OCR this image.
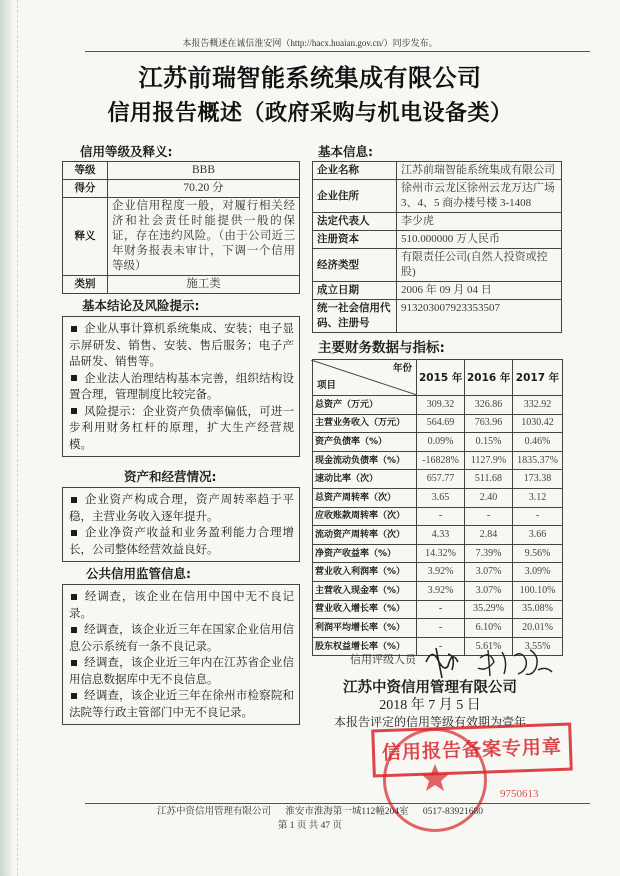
本报告概述在诚信淮安网（http://hacx.huaian.gov.cn/）同步发布。
江苏前瑞智能系统集成有限公司
信用报告概述（政府采购与机电设备类）
信用等级及释义:
等级	BBB
得分	70.20 分
释义	企业信用程度一般，对履行相关经济和社会责任时能提供一般的保证，存在违约风险。（由于公司近三年财务报表未审计，下调一个信用等级）
类别	施工类
基本结论及风险提示:
企业从事计算机系统集成、安装；电子显示屏研发、销售、安装、售后服务；电子产品研发、销售等。
企业法人治理结构基本完善，组织结构设置合理，管理制度比较完备。
风险提示：企业资产负债率偏低，可进一步利用财务杠杆的原理，扩大生产经营规模。
资产和经营情况:
企业资产构成合理，资产周转率趋于平稳，主营业务收入逐年提升。
企业净资产收益和业务盈利能力合理增长，公司整体经营效益良好。
公共信用监管信息:
经调查，该企业在信用中国中无不良记录。
经调查，该企业近三年在国家企业信用信息公示系统有一条不良记录。
经调查，该企业近三年内在江苏省企业信用信息数据库中无不良信息。
经调查，该企业近三年在徐州市检察院和法院等行政主管部门中无不良记录。
基本信息:
企业名称	江苏前瑞智能系统集成有限公司
企业住所	徐州市云龙区徐州云龙万达广场3、4、5 商办楼号楼 3-1408
法定代表人	李少虎
注册资本	510.000000 万人民币
经济类型	有限责任公司(自然人投资或控股)
成立日期	2006 年 09 月 04 日
统一社会信用代码、注册号	913203007923353507
主要财务数据与指标:
年份
项目	2015 年	2016 年	2017 年
总资产（万元）	309.32	326.86	332.92
主营业务收入（万元）	564.69	763.96	1030.42
资产负债率（%）	0.09%	0.15%	0.46%
现金流动负债率（%）	-16828%	1127.9%	1835.37%
速动比率（次）	657.77	511.68	173.38
总资产周转率（次）	3.65	2.40	3.12
应收账款周转率（次）	-	-	-
流动资产周转率（次）	4.33	2.84	3.66
净资产收益率（%）	14.32%	7.39%	9.56%
营业收入利润率（%）	3.92%	3.07%	3.09%
主营收入现金率（%）	3.92%	3.07%	100.10%
营业收入增长率（%）	-	35.29%	35.08%
利润平均增长率（%）	-	6.10%	20.01%
股东权益增长率（%）	-	5.61%	3.55%
信用评级人员
江苏中资信用管理有限公司
2018 年 7 月 5 日
本报告评定的信用等级有效期为壹年
信用报告备案专用章
9750613
江苏中资信用管理有限公司 淮安市淮海第一城112幢204室 0517-83921680
第 1 页 共 47 页
